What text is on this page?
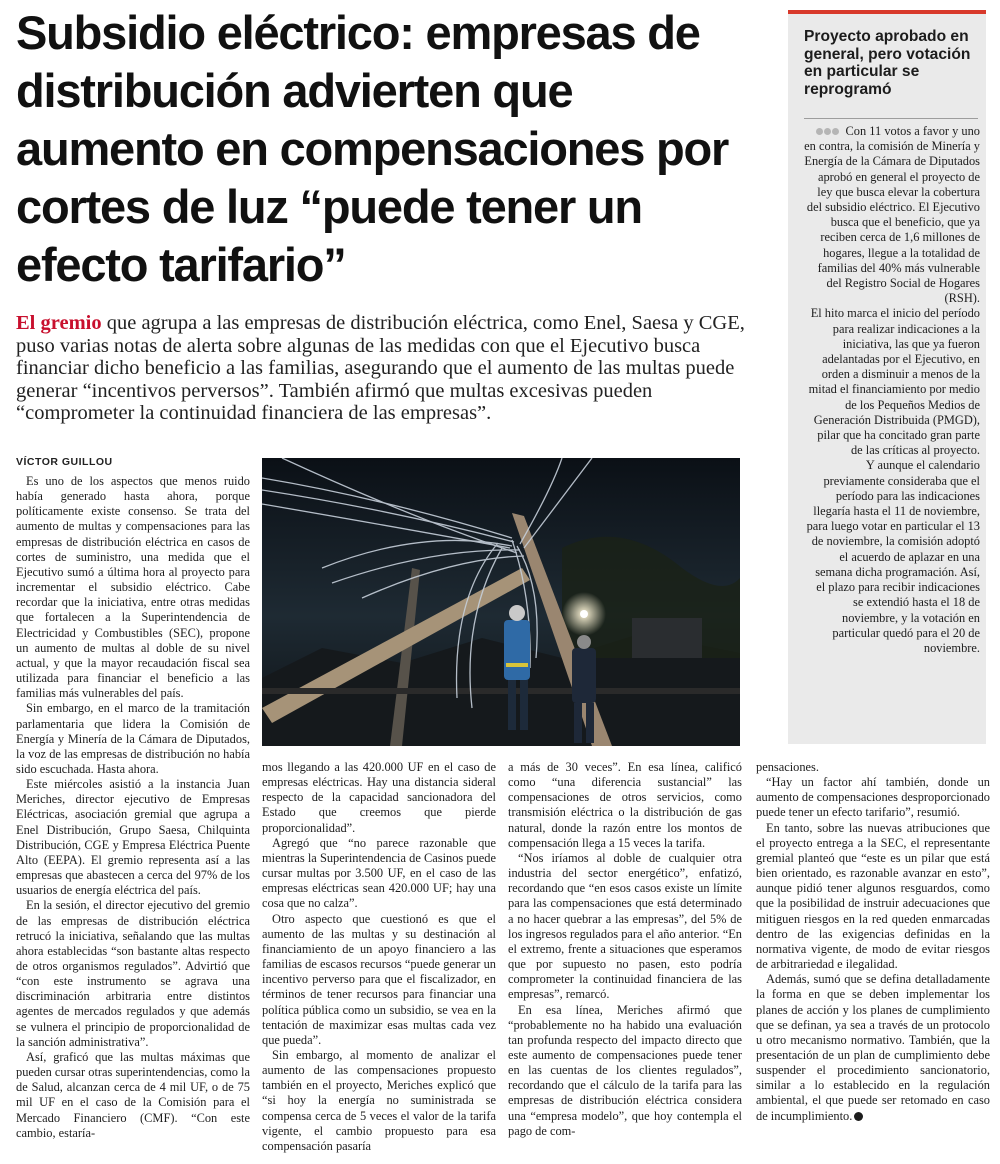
Subsidio eléctrico: empresas de distribución advierten que aumento en compensaciones por cortes de luz “puede tener un efecto tarifario”

El gremio que agrupa a las empresas de distribución eléctrica, como Enel, Saesa y CGE, puso varias notas de alerta sobre algunas de las medidas con que el Ejecutivo busca financiar dicho beneficio a las familias, asegurando que el aumento de las multas puede generar “incentivos perversos”. También afirmó que multas excesivas pueden “comprometer la continuidad financiera de las empresas”.

VÍCTOR GUILLOU

Es uno de los aspectos que menos ruido había generado hasta ahora, porque políticamente existe consenso. Se trata del aumento de multas y compensaciones para las empresas de distribución eléctrica en casos de cortes de suministro, una medida que el Ejecutivo sumó a última hora al proyecto para incrementar el subsidio eléctrico. Cabe recordar que la iniciativa, entre otras medidas que fortalecen a la Superintendencia de Electricidad y Combustibles (SEC), propone un aumento de multas al doble de su nivel actual, y que la mayor recaudación fiscal sea utilizada para financiar el beneficio a las familias más vulnerables del país.

Sin embargo, en el marco de la tramitación parlamentaria que lidera la Comisión de Energía y Minería de la Cámara de Diputados, la voz de las empresas de distribución no había sido escuchada. Hasta ahora.

Este miércoles asistió a la instancia Juan Meriches, director ejecutivo de Empresas Eléctricas, asociación gremial que agrupa a Enel Distribución, Grupo Saesa, Chilquinta Distribución, CGE y Empresa Eléctrica Puente Alto (EEPA). El gremio representa así a las empresas que abastecen a cerca del 97% de los usuarios de energía eléctrica del país.

En la sesión, el director ejecutivo del gremio de las empresas de distribución eléctrica retrucó la iniciativa, señalando que las multas ahora establecidas “son bastante altas respecto de otros organismos regulados”. Advirtió que “con este instrumento se agrava una discriminación arbitraria entre distintos agentes de mercados regulados y que además se vulnera el principio de proporcionalidad de la sanción administrativa”.

Así, graficó que las multas máximas que pueden cursar otras superintendencias, como la de Salud, alcanzan cerca de 4 mil UF, o de 75 mil UF en el caso de la Comisión para el Mercado Financiero (CMF). “Con este cambio, estaría-

mos llegando a las 420.000 UF en el caso de empresas eléctricas. Hay una distancia sideral respecto de la capacidad sancionadora del Estado que creemos que pierde proporcionalidad”.

Agregó que “no parece razonable que mientras la Superintendencia de Casinos puede cursar multas por 3.500 UF, en el caso de las empresas eléctricas sean 420.000 UF; hay una cosa que no calza”.

Otro aspecto que cuestionó es que el aumento de las multas y su destinación al financiamiento de un apoyo financiero a las familias de escasos recursos “puede generar un incentivo perverso para que el fiscalizador, en términos de tener recursos para financiar una política pública como un subsidio, se vea en la tentación de maximizar esas multas cada vez que pueda”.

Sin embargo, al momento de analizar el aumento de las compensaciones propuesto también en el proyecto, Meriches explicó que “si hoy la energía no suministrada se compensa cerca de 5 veces el valor de la tarifa vigente, el cambio propuesto para esa compensación pasaría

a más de 30 veces”. En esa línea, calificó como “una diferencia sustancial” las compensaciones de otros servicios, como transmisión eléctrica o la distribución de gas natural, donde la razón entre los montos de compensación llega a 15 veces la tarifa.

“Nos iríamos al doble de cualquier otra industria del sector energético”, enfatizó, recordando que “en esos casos existe un límite para las compensaciones que está determinado a no hacer quebrar a las empresas”, del 5% de los ingresos regulados para el año anterior. “En el extremo, frente a situaciones que esperamos que por supuesto no pasen, esto podría comprometer la continuidad financiera de las empresas”, remarcó.

En esa línea, Meriches afirmó que “probablemente no ha habido una evaluación tan profunda respecto del impacto directo que este aumento de compensaciones puede tener en las cuentas de los clientes regulados”, recordando que el cálculo de la tarifa para las empresas de distribución eléctrica considera una “empresa modelo”, que hoy contempla el pago de com-

pensaciones.

“Hay un factor ahí también, donde un aumento de compensaciones desproporcionado puede tener un efecto tarifario”, resumió.

En tanto, sobre las nuevas atribuciones que el proyecto entrega a la SEC, el representante gremial planteó que “este es un pilar que está bien orientado, es razonable avanzar en esto”, aunque pidió tener algunos resguardos, como que la posibilidad de instruir adecuaciones que mitiguen riesgos en la red queden enmarcadas dentro de las exigencias definidas en la normativa vigente, de modo de evitar riesgos de arbitrariedad e ilegalidad.

Además, sumó que se defina detalladamente la forma en que se deben implementar los planes de acción y los planes de cumplimiento que se definan, ya sea a través de un protocolo u otro mecanismo normativo. También, que la presentación de un plan de cumplimiento debe suspender el procedimiento sancionatorio, similar a lo establecido en la regulación ambiental, el que puede ser retomado en caso de incumplimiento.

Proyecto aprobado en general, pero votación en particular se reprogramó

Con 11 votos a favor y uno en contra, la comisión de Minería y Energía de la Cámara de Diputados aprobó en general el proyecto de ley que busca elevar la cobertura del subsidio eléctrico. El Ejecutivo busca que el beneficio, que ya reciben cerca de 1,6 millones de hogares, llegue a la totalidad de familias del 40% más vulnerable del Registro Social de Hogares (RSH).

El hito marca el inicio del período para realizar indicaciones a la iniciativa, las que ya fueron adelantadas por el Ejecutivo, en orden a disminuir a menos de la mitad el financiamiento por medio de los Pequeños Medios de Generación Distribuida (PMGD), pilar que ha concitado gran parte de las críticas al proyecto.

Y aunque el calendario previamente consideraba que el período para las indicaciones llegaría hasta el 11 de noviembre, para luego votar en particular el 13 de noviembre, la comisión adoptó el acuerdo de aplazar en una semana dicha programación. Así, el plazo para recibir indicaciones se extendió hasta el 18 de noviembre, y la votación en particular quedó para el 20 de noviembre.
